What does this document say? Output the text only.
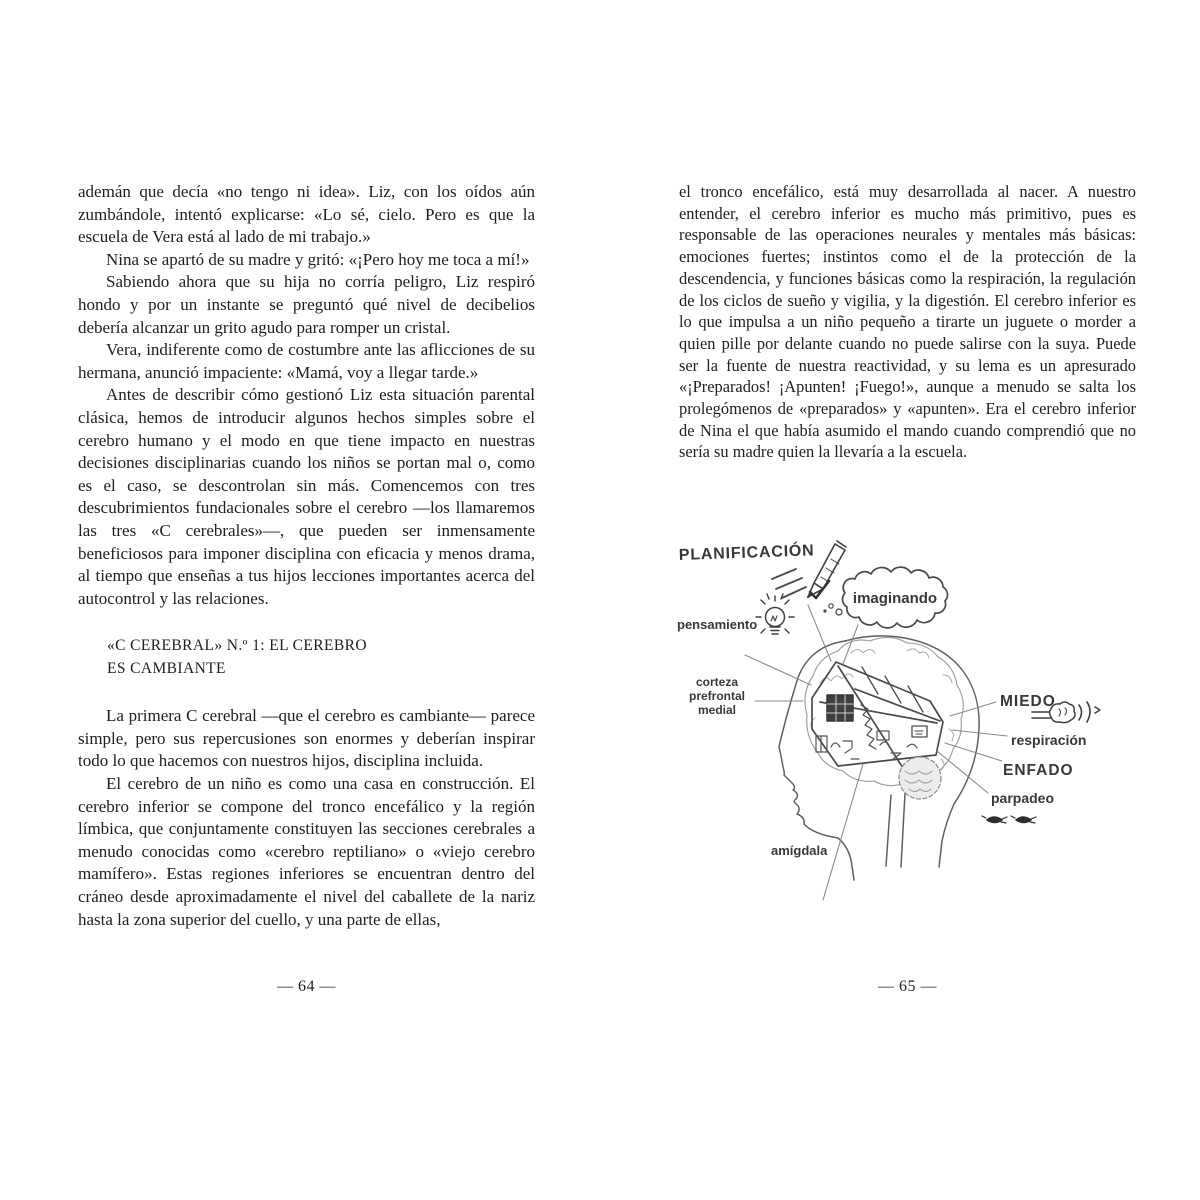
ademán que decía «no tengo ni idea». Liz, con los oídos aún zumbándole, intentó explicarse: «Lo sé, cielo. Pero es que la escuela de Vera está al lado de mi trabajo.»

Nina se apartó de su madre y gritó: «¡Pero hoy me toca a mí!»

Sabiendo ahora que su hija no corría peligro, Liz respiró hondo y por un instante se preguntó qué nivel de decibelios debería alcanzar un grito agudo para romper un cristal.

Vera, indiferente como de costumbre ante las aflicciones de su hermana, anunció impaciente: «Mamá, voy a llegar tarde.»

Antes de describir cómo gestionó Liz esta situación parental clásica, hemos de introducir algunos hechos simples sobre el cerebro humano y el modo en que tiene impacto en nuestras decisiones disciplinarias cuando los niños se portan mal o, como es el caso, se descontrolan sin más. Comencemos con tres descubrimientos fundacionales sobre el cerebro —los llamaremos las tres «C cerebrales»—, que pueden ser inmensamente beneficiosos para imponer disciplina con eficacia y menos drama, al tiempo que enseñas a tus hijos lecciones importantes acerca del autocontrol y las relaciones.

«C CEREBRAL» N.º 1: EL CEREBRO
ES CAMBIANTE

La primera C cerebral —que el cerebro es cambiante— parece simple, pero sus repercusiones son enormes y deberían inspirar todo lo que hacemos con nuestros hijos, disciplina incluida.

El cerebro de un niño es como una casa en construcción. El cerebro inferior se compone del tronco encefálico y la región límbica, que conjuntamente constituyen las secciones cerebrales a menudo conocidas como «cerebro reptiliano» o «viejo cerebro mamífero». Estas regiones inferiores se encuentran dentro del cráneo desde aproximadamente el nivel del caballete de la nariz hasta la zona superior del cuello, y una parte de ellas,

— 64 —

el tronco encefálico, está muy desarrollada al nacer. A nuestro entender, el cerebro inferior es mucho más primitivo, pues es responsable de las operaciones neurales y mentales más básicas: emociones fuertes; instintos como el de la protección de la descendencia, y funciones básicas como la respiración, la regulación de los ciclos de sueño y vigilia, y la digestión. El cerebro inferior es lo que impulsa a un niño pequeño a tirarte un juguete o morder a quien pille por delante cuando no puede salirse con la suya. Puede ser la fuente de nuestra reactividad, y su lema es un apresurado «¡Preparados! ¡Apunten! ¡Fuego!», aunque a menudo se salta los prolegómenos de «preparados» y «apunten». Era el cerebro inferior de Nina el que había asumido el mando cuando comprendió que no sería su madre quien la llevaría a la escuela.

PLANIFICACIÓN
pensamiento
imaginando
corteza
prefrontal
medial	MIEDO
respiración
ENFADO
parpadeo
amígdala
— 65 —
